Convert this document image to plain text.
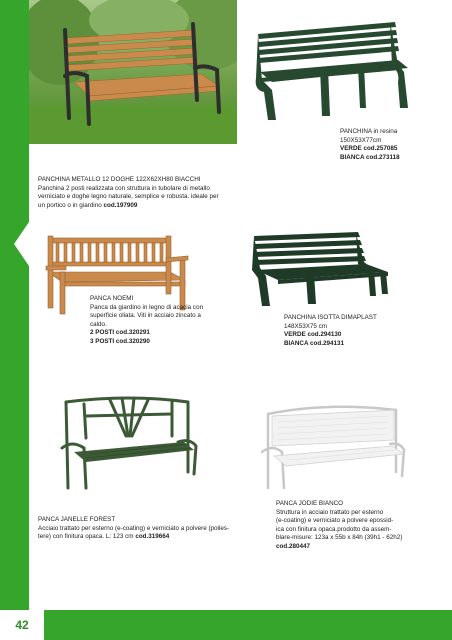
PANCHINA in resina
150X53X77cm
VERDE cod.257085
BIANCA cod.273118
PANCHINA METALLO 12 DOGHE 122X62XH80 BIACCHI
Panchina 2 posti realizzata con struttura in tubolare di metallo
verniciato e doghe legno naturale, semplice e robusta. ideale per
un portico o in giardino cod.197909
PANCA NOEMI
Panca da giardino in legno di acacia con
superficie oliata. Viti in acciaio zincato a
caldo.
2 POSTI cod.320291
3 POSTI cod.320290
PANCHINA ISOTTA DIMAPLAST
148X53X75 cm
VERDE cod.294130
BIANCA cod.294131
PANCA JANELLE FOREST
Acciaio trattato per esterno (e-coating) e verniciato a polvere (polies-
tere) con finitura opaca. L: 123 cm cod.319664
PANCA JODIE BIANCO
Struttura in acciaio trattato per esterno
(e-coating) e verniciato a polvere epossid-
ica con finitura opaca.prodotto da assem-
blare-misure: 123a x 55b x 84h (39h1 - 62h2)
cod.280447
42
